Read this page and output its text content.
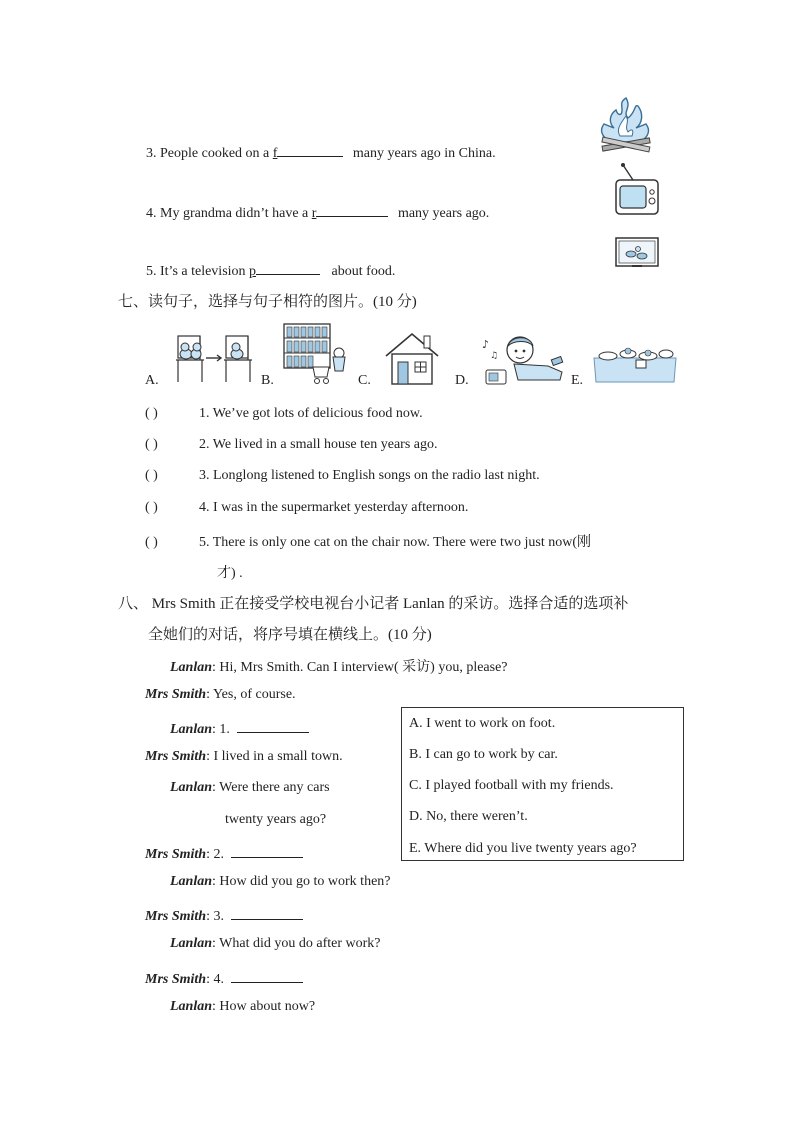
3. People cooked on a f	many years ago in China.
4. My grandma didn’t have a r	many years ago.
5. It’s a television p	about food.
七、读句子，选择与句子相符的图片。(10 分)
A.	B.	C.	D.
♪
♫
E.
( )	1. We’ve got lots of delicious food now.
( )	2. We lived in a small house ten years ago.
( )	3. Longlong listened to English songs on the radio last night.
( )	4. I was in the supermarket yesterday afternoon.
( )	5. There is only one cat on the chair now. There were two just now(刚
才) .
八、 Mrs Smith 正在接受学校电视台小记者 Lanlan 的采访。选择合适的选项补
全她们的对话，将序号填在横线上。(10 分)
Lanlan: Hi, Mrs Smith. Can I interview( 采访) you, please?
Mrs Smith: Yes, of course.
Lanlan: 1.
Mrs Smith: I lived in a small town.
Lanlan: Were there any cars
twenty years ago?
Mrs Smith: 2.
Lanlan: How did you go to work then?
Mrs Smith: 3.
Lanlan: What did you do after work?
Mrs Smith: 4.
Lanlan: How about now?
A. I went to work on foot.
B. I can go to work by car.
C. I played football with my friends.
D. No, there weren’t.
E. Where did you live twenty years ago?
